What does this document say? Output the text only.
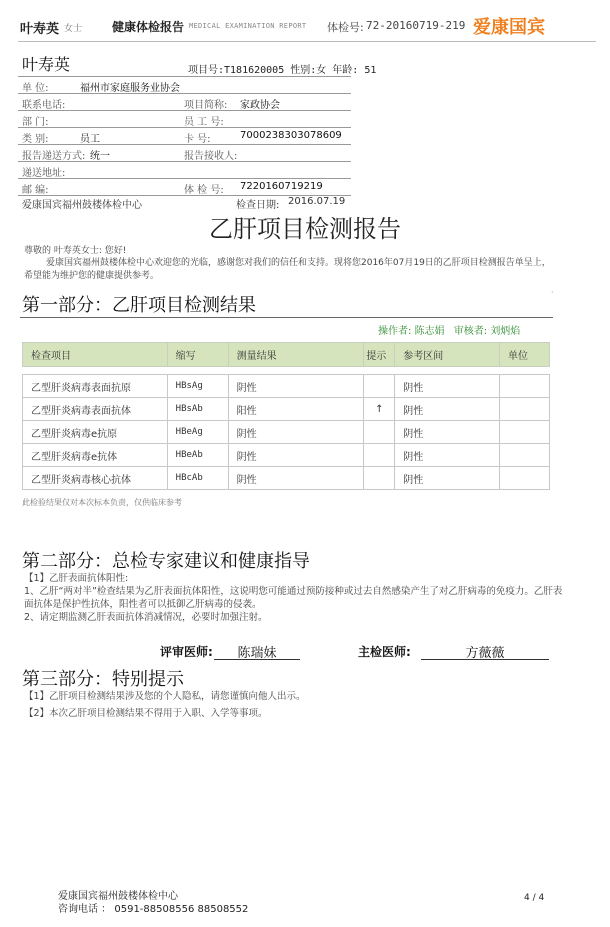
叶寿英 女士 健康体检报告 MEDICAL EXAMINATION REPORT 体检号: 72-20160719-219 爱康国宾
叶寿英	项目号:T181620005 性别:女 年龄: 51
单 位:	福州市家庭服务业协会
联系电话:	项目简称: 家政协会
部 门:	员 工 号:
类 别:	员工	卡 号:	7000238303078609
报告递送方式: 统一	报告接收人:
递送地址:
邮 编:	体 检 号: 7220160719219
爱康国宾福州鼓楼体检中心	检查日期: 2016.07.19
乙肝项目检测报告
尊敬的 叶寿英女士: 您好!
爱康国宾福州鼓楼体检中心欢迎您的光临，感谢您对我们的信任和支持。现将您2016年07月19日的乙肝项目检测报告单呈上，希望能为维护您的健康提供参考。
·
第一部分：乙肝项目检测结果
操作者: 陈志娟 审核者: 刘炳焰
检查项目	缩写	测量结果	提示	参考区间	单位

乙型肝炎病毒表面抗原	HBsAg	阴性		阴性	
乙型肝炎病毒表面抗体	HBsAb	阳性	↑	阴性	
乙型肝炎病毒e抗原	HBeAg	阴性		阴性	
乙型肝炎病毒e抗体	HBeAb	阴性		阴性	
乙型肝炎病毒核心抗体	HBcAb	阴性		阴性	
此检验结果仅对本次标本负责，仅供临床参考
第二部分：总检专家建议和健康指导
【1】乙肝表面抗体阳性:
1、乙肝“两对半”检查结果为乙肝表面抗体阳性，这说明您可能通过预防接种或过去自然感染产生了对乙肝病毒的免疫力。乙肝表面抗体是保护性抗体，阳性者可以抵御乙肝病毒的侵袭。
2、请定期监测乙肝表面抗体消减情况，必要时加强注射。
评审医师:	陈瑞妹	主检医师:	方薇薇
第三部分：特别提示
【1】乙肝项目检测结果涉及您的个人隐私，请您谨慎向他人出示。
【2】本次乙肝项目检测结果不得用于入职、入学等事项。
爱康国宾福州鼓楼体检中心
咨询电话 ： 0591-88508556 88508552
4 / 4
